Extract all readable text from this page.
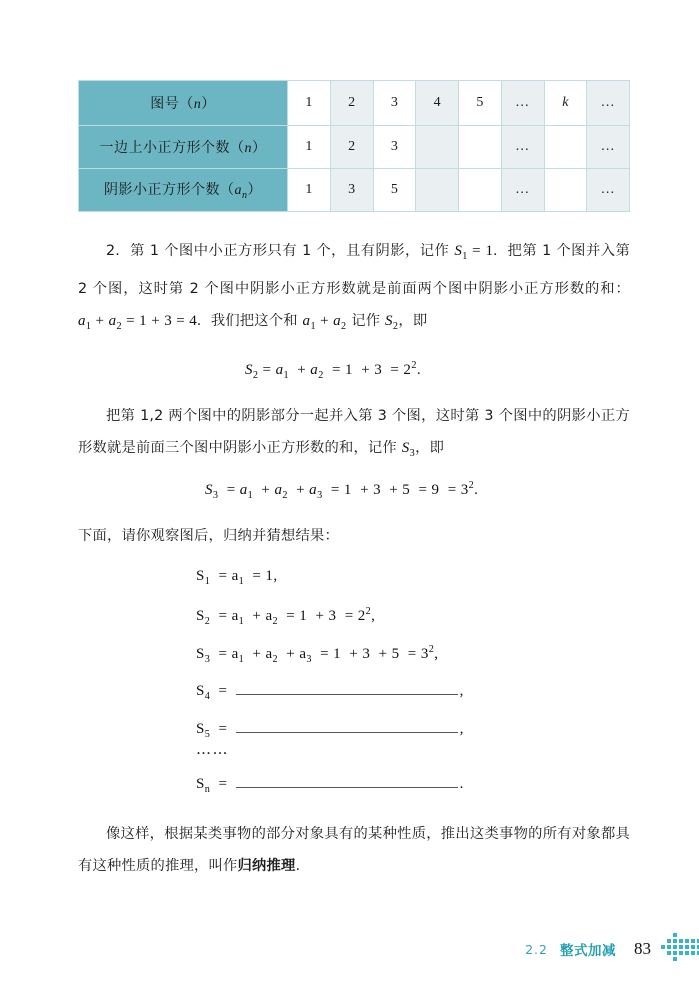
图号（n）	1	2	3	4	5	…	k	…
一边上小正方形个数（n）	1	2	3			…		…
阴影小正方形个数$(a_n)$	1	3	5			…		…
2.  第 1 个图中小正方形只有 1 个，且有阴影，记作 $S_1 = 1$.  把第 1 个图并入第 2 个图，这时第 2 个图中阴影小正方形数就是前面两个图中阴影小正方形数的和：$a_1 + a_2 = 1 + 3 = 4$.  我们把这个和 $a_1 + a_2$ 记作 $S_2$，即
$S_2 = a_1 + a_2 = 1 + 3 = 2^2$.
把第 1,2 两个图中的阴影部分一起并入第 3 个图，这时第 3 个图中的阴影小正方形数就是前面三个图中阴影小正方形数的和，记作 $S_3$，即
$S_3 = a_1 + a_2 + a_3 = 1 + 3 + 5 = 9 = 3^2$.
下面，请你观察图后，归纳并猜想结果：
$S_1 = a_1 = 1$,
$S_2 = a_1 + a_2 = 1 + 3 = 2^2$,
$S_3 = a_1 + a_2 + a_3 = 1 + 3 + 5 = 3^2$,
$S_4$  =	,
$S_5$  =	,
……
$S_n$  =	.
像这样，根据某类事物的部分对象具有的某种性质，推出这类事物的所有对象都具有这种性质的推理，叫作归纳推理.
2.2 整式加减 83
